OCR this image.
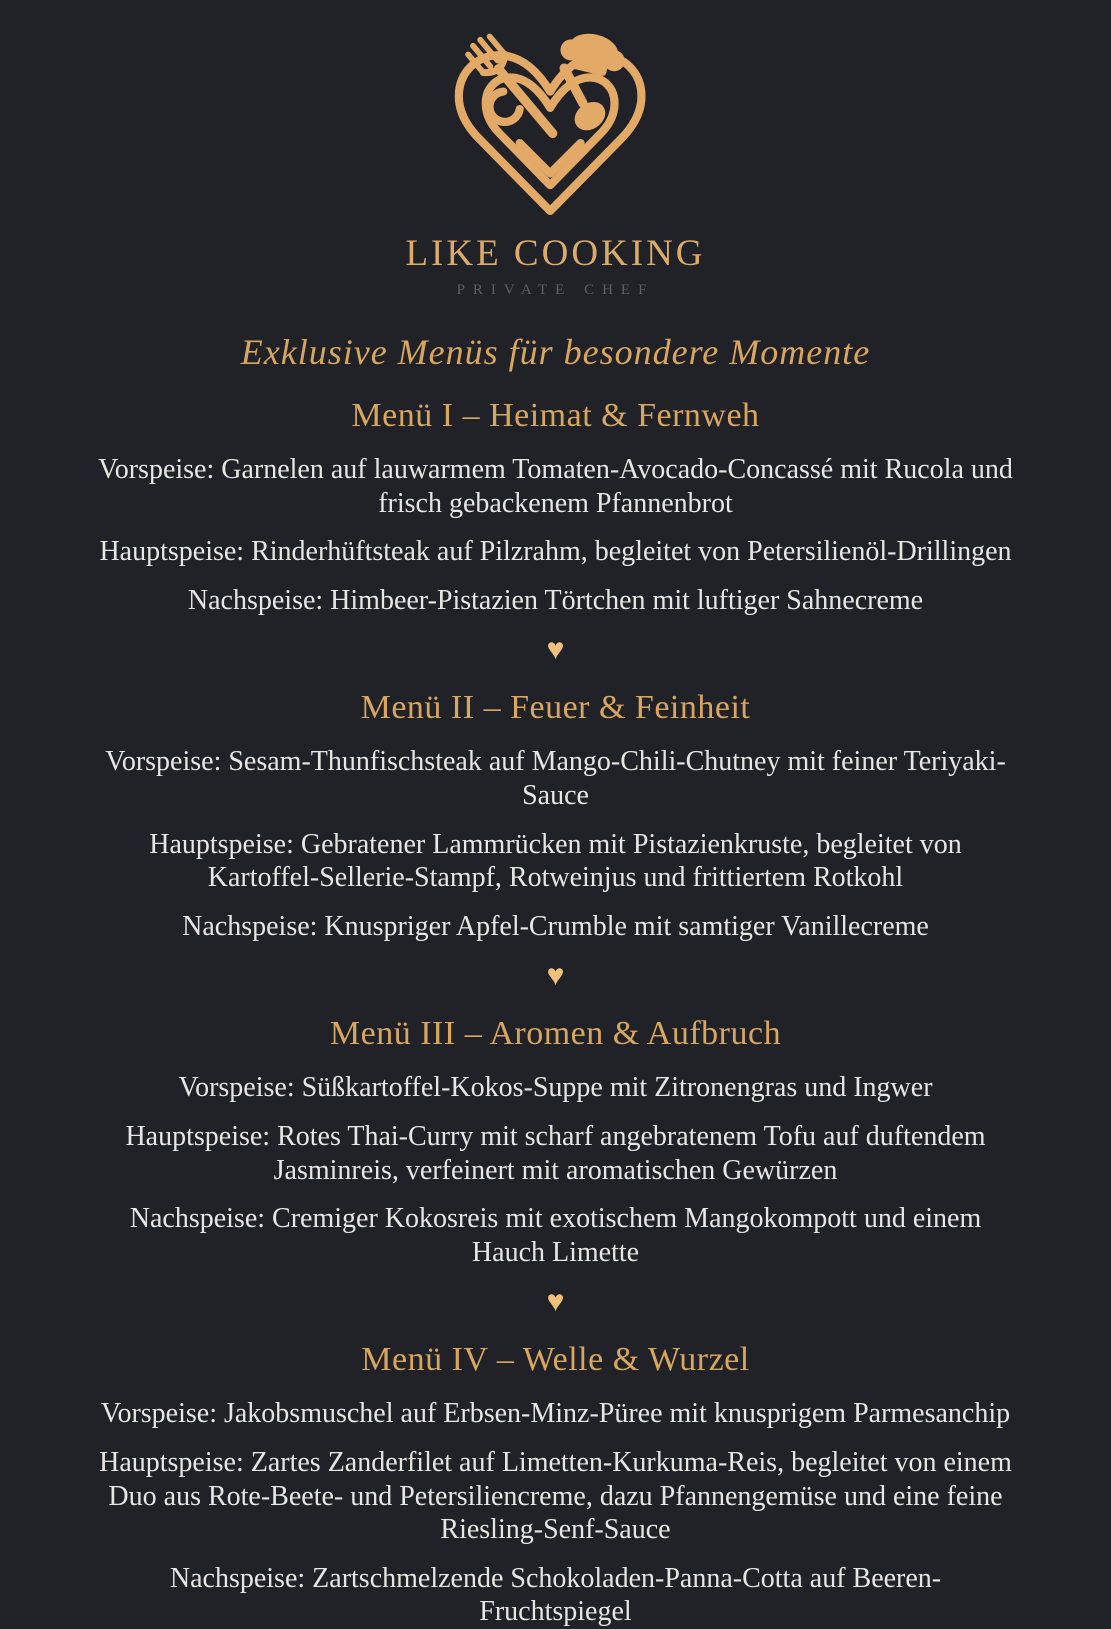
LIKE COOKING
PRIVATE CHEF
Exklusive Menüs für besondere Momente
Menü I – Heimat & Fernweh

Vorspeise: Garnelen auf lauwarmem Tomaten-Avocado-Concassé mit Rucola und frisch gebackenem Pfannenbrot

Hauptspeise: Rinderhüftsteak auf Pilzrahm, begleitet von Petersilienöl-Drillingen

Nachspeise: Himbeer-Pistazien Törtchen mit luftiger Sahnecreme

♥
Menü II – Feuer & Feinheit

Vorspeise: Sesam-Thunfischsteak auf Mango-Chili-Chutney mit feiner Teriyaki-Sauce

Hauptspeise: Gebratener Lammrücken mit Pistazienkruste, begleitet von Kartoffel-Sellerie-Stampf, Rotweinjus und frittiertem Rotkohl

Nachspeise: Knuspriger Apfel-Crumble mit samtiger Vanillecreme

♥
Menü III – Aromen & Aufbruch

Vorspeise: Süßkartoffel-Kokos-Suppe mit Zitronengras und Ingwer

Hauptspeise: Rotes Thai-Curry mit scharf angebratenem Tofu auf duftendem Jasminreis, verfeinert mit aromatischen Gewürzen

Nachspeise: Cremiger Kokosreis mit exotischem Mangokompott und einem Hauch Limette

♥
Menü IV – Welle & Wurzel

Vorspeise: Jakobsmuschel auf Erbsen-Minz-Püree mit knusprigem Parmesanchip

Hauptspeise: Zartes Zanderfilet auf Limetten-Kurkuma-Reis, begleitet von einem Duo aus Rote-Beete- und Petersiliencreme, dazu Pfannengemüse und eine feine Riesling-Senf-Sauce

Nachspeise: Zartschmelzende Schokoladen-Panna-Cotta auf Beeren-Fruchtspiegel
